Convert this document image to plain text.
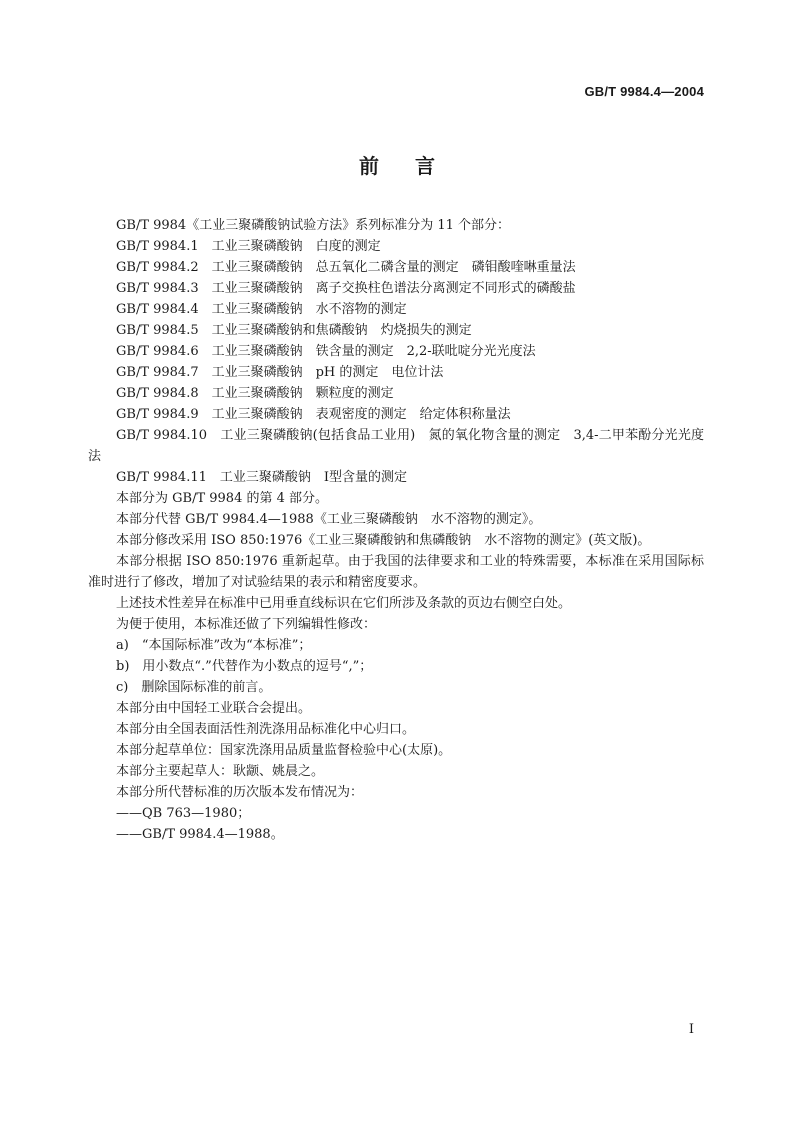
GB/T 9984.4—2004
前言

GB/T 9984《工业三聚磷酸钠试验方法》系列标准分为 11 个部分：

GB/T 9984.1　工业三聚磷酸钠　白度的测定

GB/T 9984.2　工业三聚磷酸钠　总五氧化二磷含量的测定　磷钼酸喹啉重量法

GB/T 9984.3　工业三聚磷酸钠　离子交换柱色谱法分离测定不同形式的磷酸盐

GB/T 9984.4　工业三聚磷酸钠　水不溶物的测定

GB/T 9984.5　工业三聚磷酸钠和焦磷酸钠　灼烧损失的测定

GB/T 9984.6　工业三聚磷酸钠　铁含量的测定　2,2-联吡啶分光光度法

GB/T 9984.7　工业三聚磷酸钠　pH 的测定　电位计法

GB/T 9984.8　工业三聚磷酸钠　颗粒度的测定

GB/T 9984.9　工业三聚磷酸钠　表观密度的测定　给定体积称量法

GB/T 9984.10　工业三聚磷酸钠(包括食品工业用)　氮的氧化物含量的测定　3,4-二甲苯酚分光光度法

GB/T 9984.11　工业三聚磷酸钠　Ⅰ型含量的测定

本部分为 GB/T 9984 的第 4 部分。

本部分代替 GB/T 9984.4—1988《工业三聚磷酸钠　水不溶物的测定》。

本部分修改采用 ISO 850:1976《工业三聚磷酸钠和焦磷酸钠　水不溶物的测定》(英文版)。

本部分根据 ISO 850:1976 重新起草。由于我国的法律要求和工业的特殊需要，本标准在采用国际标准时进行了修改，增加了对试验结果的表示和精密度要求。

上述技术性差异在标准中已用垂直线标识在它们所涉及条款的页边右侧空白处。

为便于使用，本标准还做了下列编辑性修改：

a)　“本国际标准”改为“本标准”；

b)　用小数点“.”代替作为小数点的逗号“,”；

c)　删除国际标准的前言。

本部分由中国轻工业联合会提出。

本部分由全国表面活性剂洗涤用品标准化中心归口。

本部分起草单位：国家洗涤用品质量监督检验中心(太原)。

本部分主要起草人：耿颛、姚晨之。

本部分所代替标准的历次版本发布情况为：

——QB 763—1980；

——GB/T 9984.4—1988。

I
